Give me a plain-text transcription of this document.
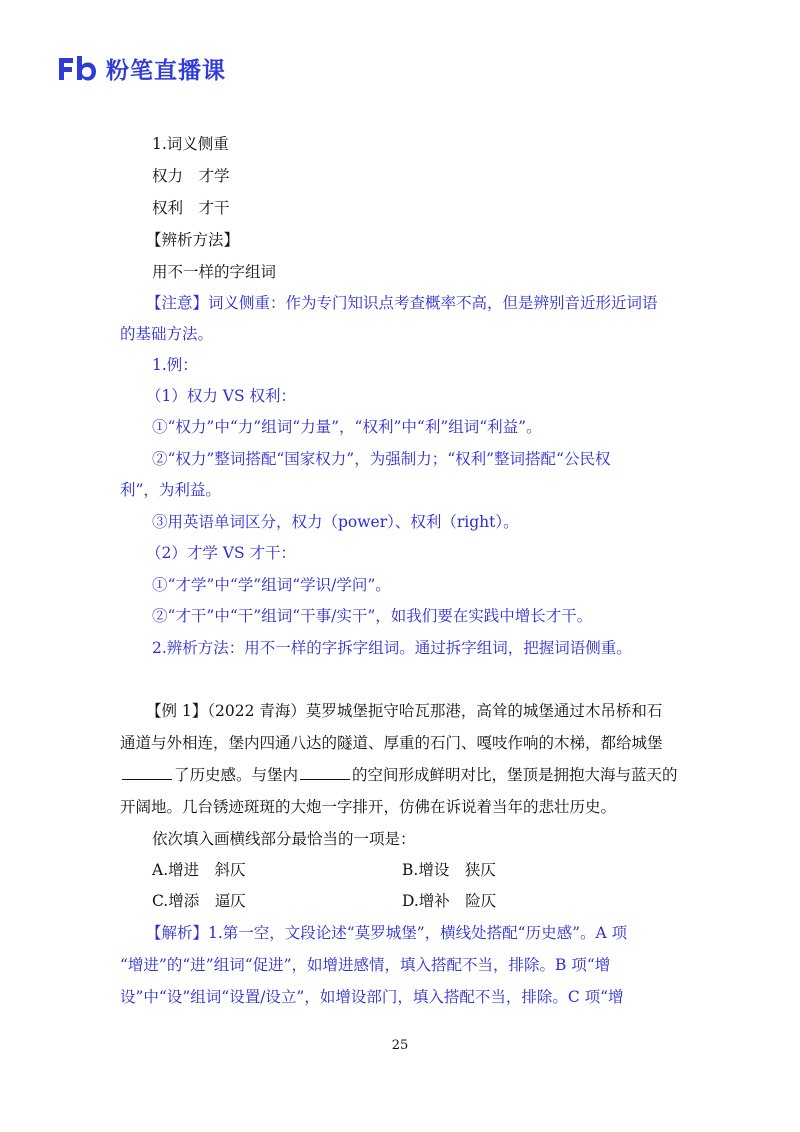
粉笔直播课
1.词义侧重
权力　才学
权利　才干
【辨析方法】
用不一样的字组词
【注意】词义侧重：作为专门知识点考查概率不高，但是辨别音近形近词语
的基础方法。
1.例：
（1）权力 VS 权利：
①“权力”中“力”组词“力量”，“权利”中“利”组词“利益”。
②“权力”整词搭配“国家权力”，为强制力；“权利”整词搭配“公民权
利”，为利益。
③用英语单词区分，权力（power）、权利（right）。
（2）才学 VS 才干：
①“才学”中“学”组词“学识/学问”。
②“才干”中“干”组词“干事/实干”，如我们要在实践中增长才干。
2.辨析方法：用不一样的字拆字组词。通过拆字组词，把握词语侧重。
【例 1】（2022 青海）莫罗城堡扼守哈瓦那港，高耸的城堡通过木吊桥和石
通道与外相连，堡内四通八达的隧道、厚重的石门、嘎吱作响的木梯，都给城堡
了历史感。与堡内	的空间形成鲜明对比，堡顶是拥抱大海与蓝天的
开阔地。几台锈迹斑斑的大炮一字排开，仿佛在诉说着当年的悲壮历史。
依次填入画横线部分最恰当的一项是：
A.增进　斜仄	B.增设　狭仄
C.增添　逼仄	D.增补　险仄
【解析】1.第一空，文段论述“莫罗城堡”，横线处搭配“历史感”。A 项
“增进”的“进”组词“促进”，如增进感情，填入搭配不当，排除。B 项“增
设”中“设”组词“设置/设立”，如增设部门，填入搭配不当，排除。C 项“增
25
